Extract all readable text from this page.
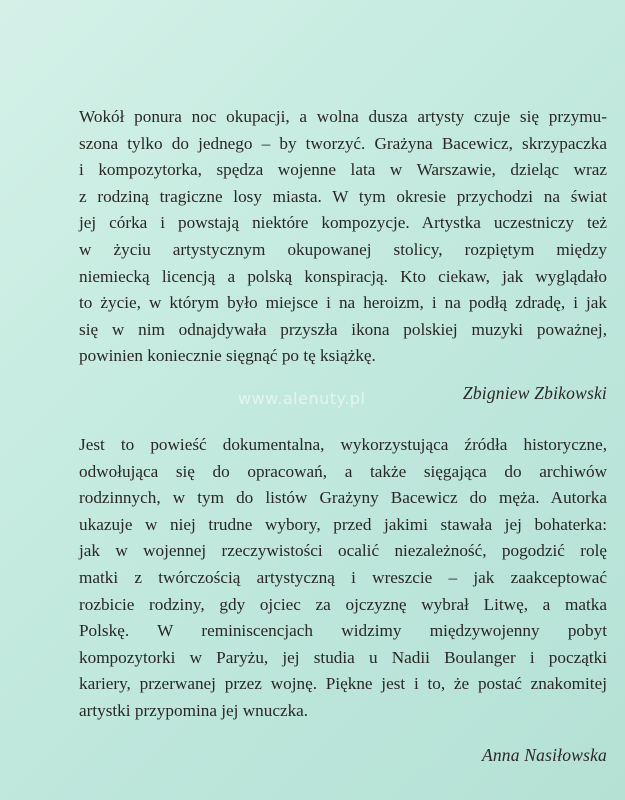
Wokół ponura noc okupacji, a wolna dusza artysty czuje się przymu-
szona tylko do jednego – by tworzyć. Grażyna Bacewicz, skrzypaczka
i kompozytorka, spędza wojenne lata w Warszawie, dzieląc wraz
z rodziną tragiczne losy miasta. W tym okresie przychodzi na świat
jej córka i powstają niektóre kompozycje. Artystka uczestniczy też
w życiu artystycznym okupowanej stolicy, rozpiętym między
niemiecką licencją a polską konspiracją. Kto ciekaw, jak wyglądało
to życie, w którym było miejsce i na heroizm, i na podłą zdradę, i jak
się w nim odnajdywała przyszła ikona polskiej muzyki poważnej,
powinien koniecznie sięgnąć po tę książkę.
Zbigniew Zbikowski
www.alenuty.pl
Jest to powieść dokumentalna, wykorzystująca źródła historyczne,
odwołująca się do opracowań, a także sięgająca do archiwów
rodzinnych, w tym do listów Grażyny Bacewicz do męża. Autorka
ukazuje w niej trudne wybory, przed jakimi stawała jej bohaterka:
jak w wojennej rzeczywistości ocalić niezależność, pogodzić rolę
matki z twórczością artystyczną i wreszcie – jak zaakceptować
rozbicie rodziny, gdy ojciec za ojczyznę wybrał Litwę, a matka
Polskę. W reminiscencjach widzimy międzywojenny pobyt
kompozytorki w Paryżu, jej studia u Nadii Boulanger i początki
kariery, przerwanej przez wojnę. Piękne jest i to, że postać znakomitej
artystki przypomina jej wnuczka.
Anna Nasiłowska
